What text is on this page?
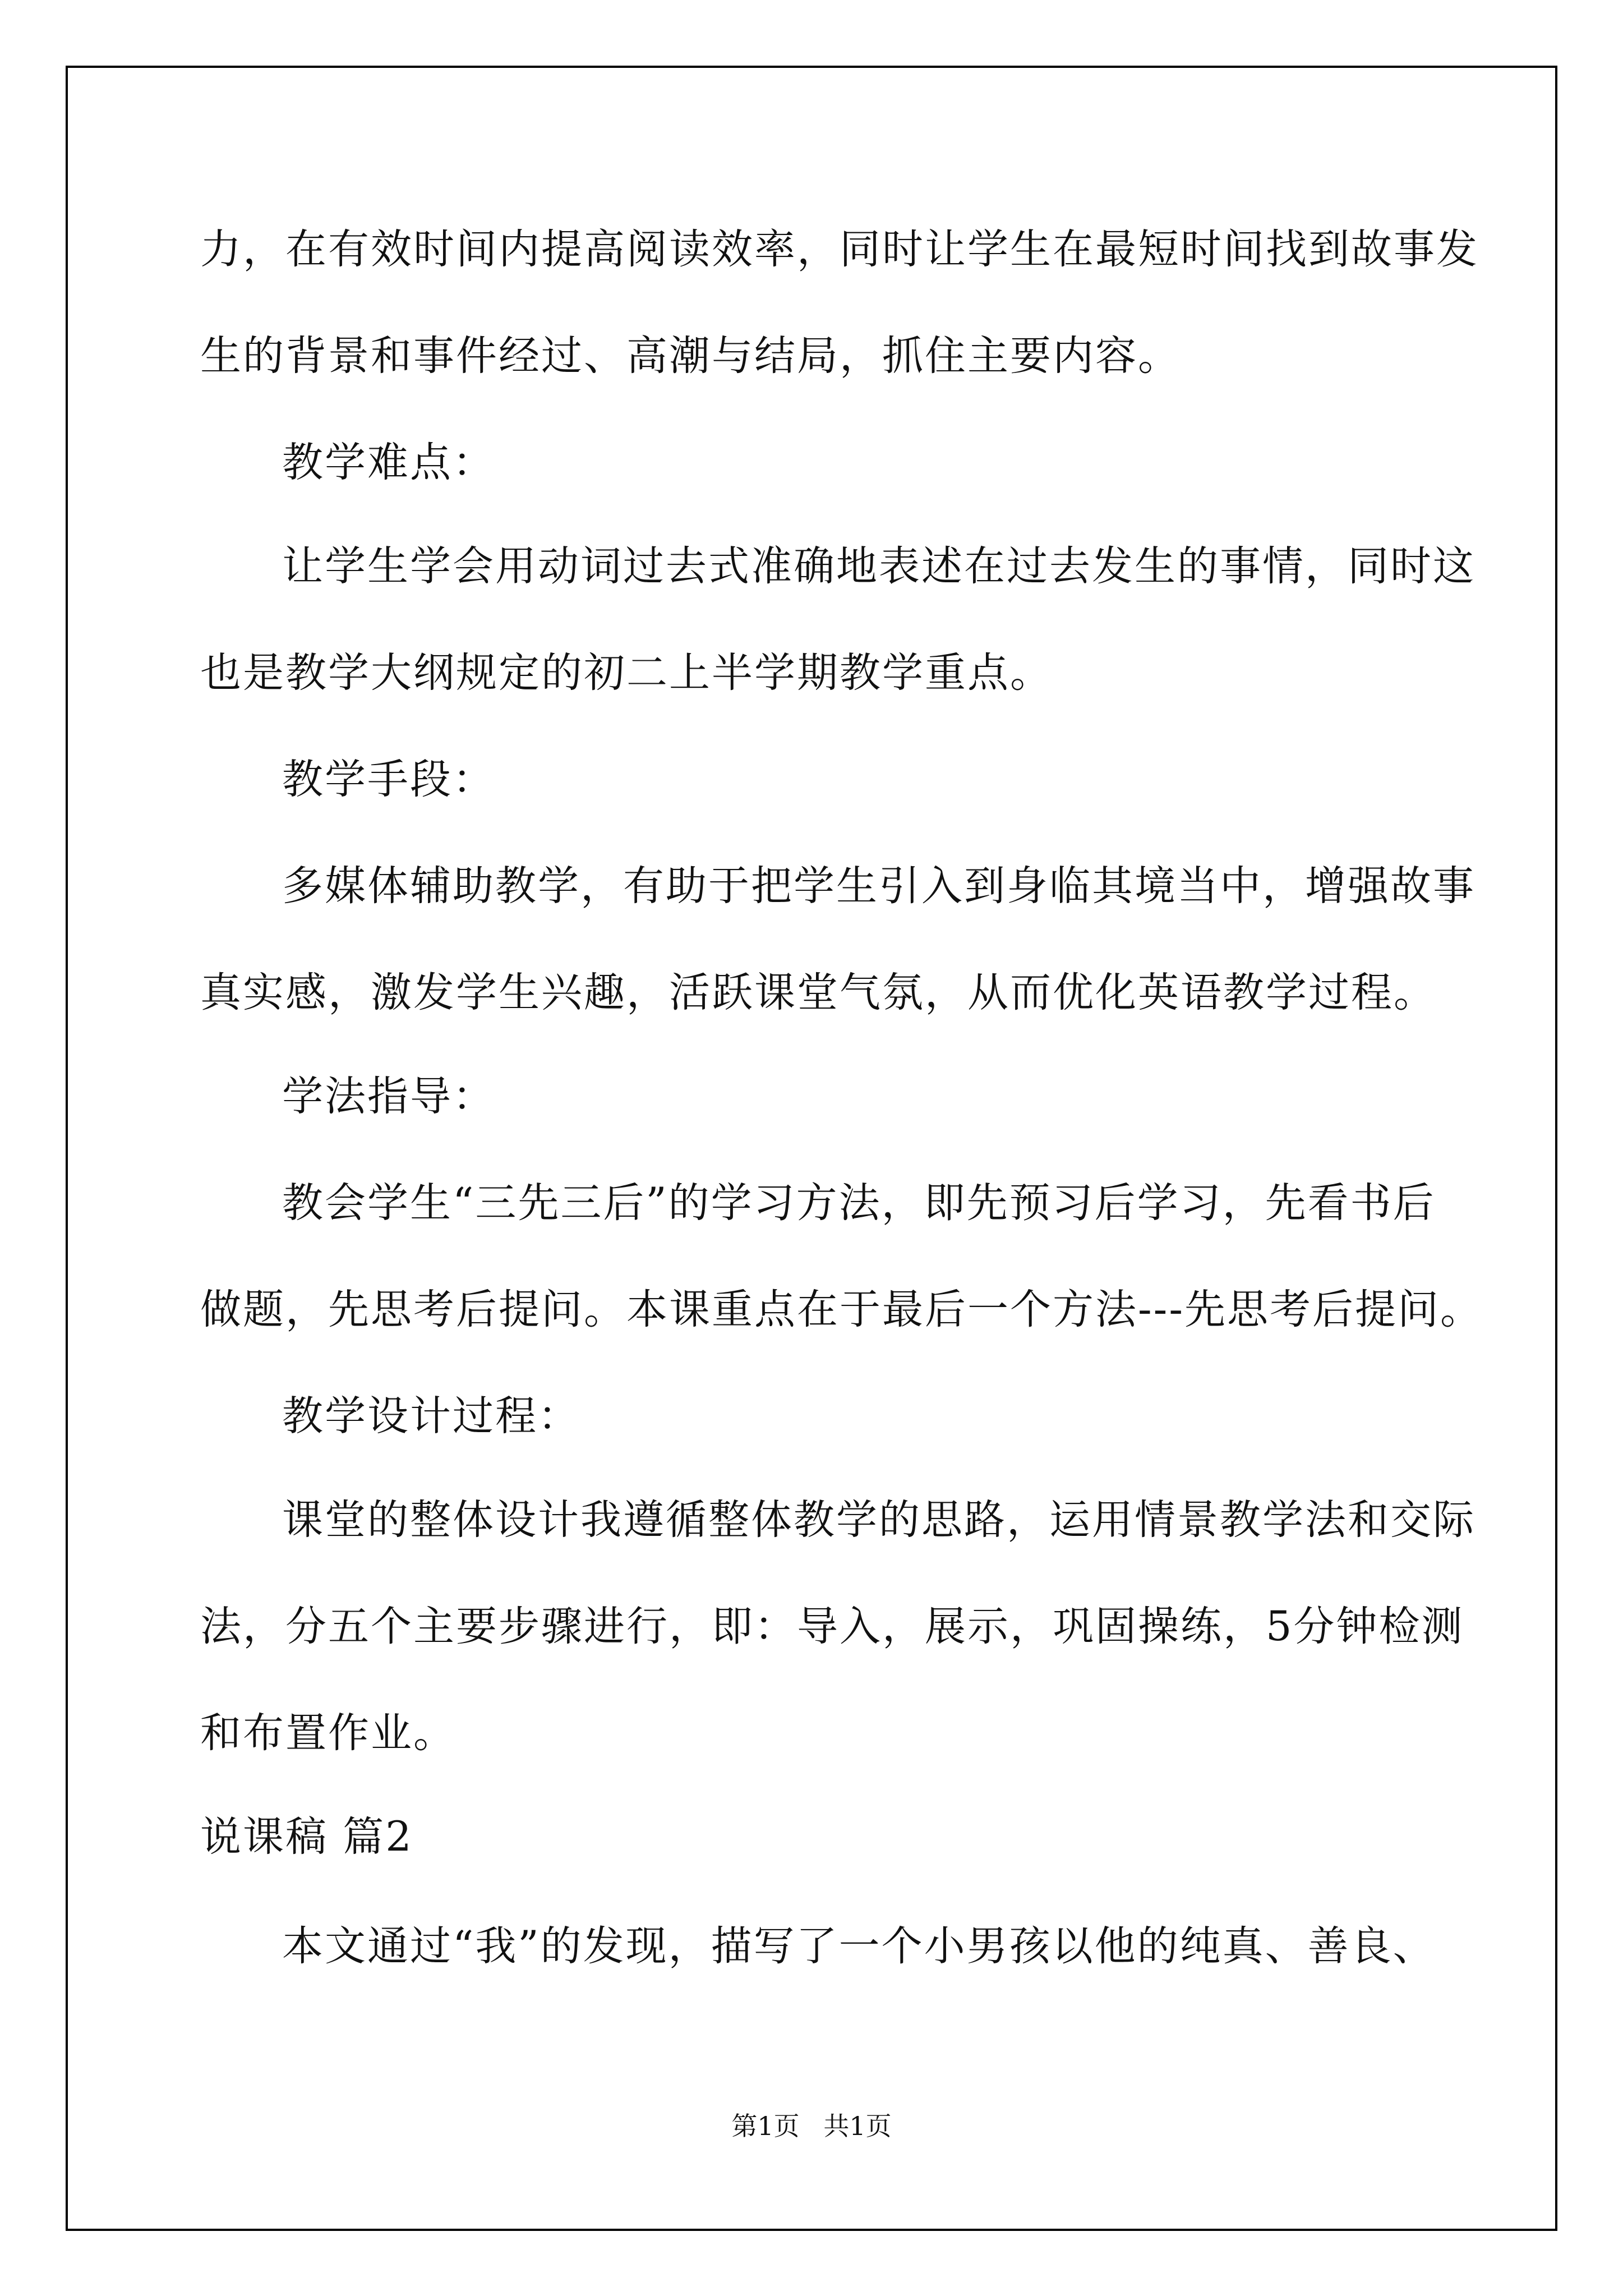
力，在有效时间内提高阅读效率，同时让学生在最短时间找到故事发
生的背景和事件经过、高潮与结局，抓住主要内容。
教学难点：
让学生学会用动词过去式准确地表述在过去发生的事情，同时这
也是教学大纲规定的初二上半学期教学重点。
教学手段：
多媒体辅助教学，有助于把学生引入到身临其境当中，增强故事
真实感，激发学生兴趣，活跃课堂气氛，从而优化英语教学过程。
学法指导：
教会学生“三先三后”的学习方法，即先预习后学习，先看书后
做题，先思考后提问。本课重点在于最后一个方法---先思考后提问。
教学设计过程：
课堂的整体设计我遵循整体教学的思路，运用情景教学法和交际
法，分五个主要步骤进行，即：导入，展示，巩固操练，5分钟检测
和布置作业。
说课稿 篇2
本文通过“我”的发现，描写了一个小男孩以他的纯真、善良、
第1页 共1页
